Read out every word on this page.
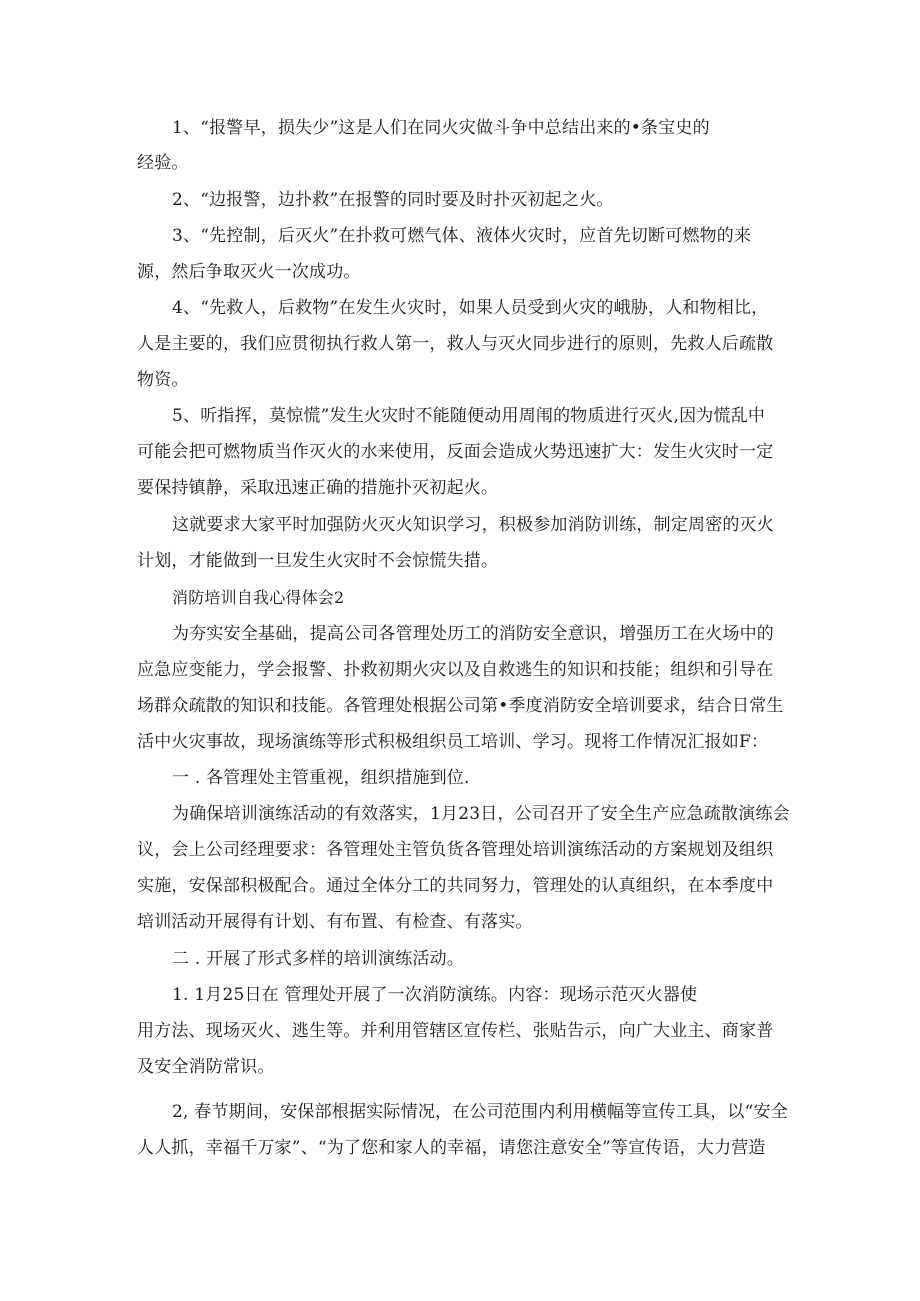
1、“报警早，损失少”这是人们在同火灾做斗争中总结出来的•条宝史的

经验。

2、“边报警，边扑救”在报警的同时要及时扑灭初起之火。

3、“先控制，后灭火”在扑救可燃气体、液体火灾时，应首先切断可燃物的来

源，然后争取灭火一次成功。

4、“先救人，后救物”在发生火灾时，如果人员受到火灾的峨胁，人和物相比，

人是主要的，我们应贯彻执行救人第一，救人与灭火同步进行的原则，先救人后疏散

物资。

5、听指挥，莫惊慌”发生火灾时不能随便动用周闱的物质进行灭火,因为慌乱中

可能会把可燃物质当作灭火的水来使用，反面会造成火势迅速扩大：发生火灾时一定

要保持镇静，采取迅速正确的措施扑灭初起火。

这就要求大家平时加强防火灭火知识学习，积极参加消防训练，制定周密的灭火

计划，才能做到一旦发生火灾时不会惊慌失措。

消防培训自我心得体会2

为夯实安全基础，提高公司各管理处历工的消防安全意识，增强历工在火场中的

应急应变能力，学会报警、扑救初期火灾以及自救逃生的知识和技能；组织和引导在

场群众疏散的知识和技能。各管理处根据公司第•季度消防安全培训要求，结合日常生

活中火灾事故，现场演练等形式积极组织员工培训、学习。现将工作情况汇报如F：

一 . 各管理处主管重视，组织措施到位.

为确保培训演练活动的有效落实，1月23日，公司召开了安全生产应急疏散演练会

议，会上公司经理要求：各管理处主管负货各管理处培训演练活动的方案规划及组织

实施，安保部积极配合。通过全体分工的共同努力，管理处的认真组织，在本季度中

培训活动开展得有计划、有布置、有检查、有落实。

二 . 开展了形式多样的培训演练活动。

1. 1月25日在 管理处开展了一次消防演练。内容：现场示范灭火器使

用方法、现场灭火、逃生等。并利用管辖区宣传栏、张贴告示，向广大业主、商家普

及安全消防常识。

2, 春节期间，安保部根据实际情况，在公司范围内利用横幅等宣传工具，以“安全

人人抓，幸福千万家”、“为了您和家人的幸福，请您注意安全”等宣传语，大力营造
